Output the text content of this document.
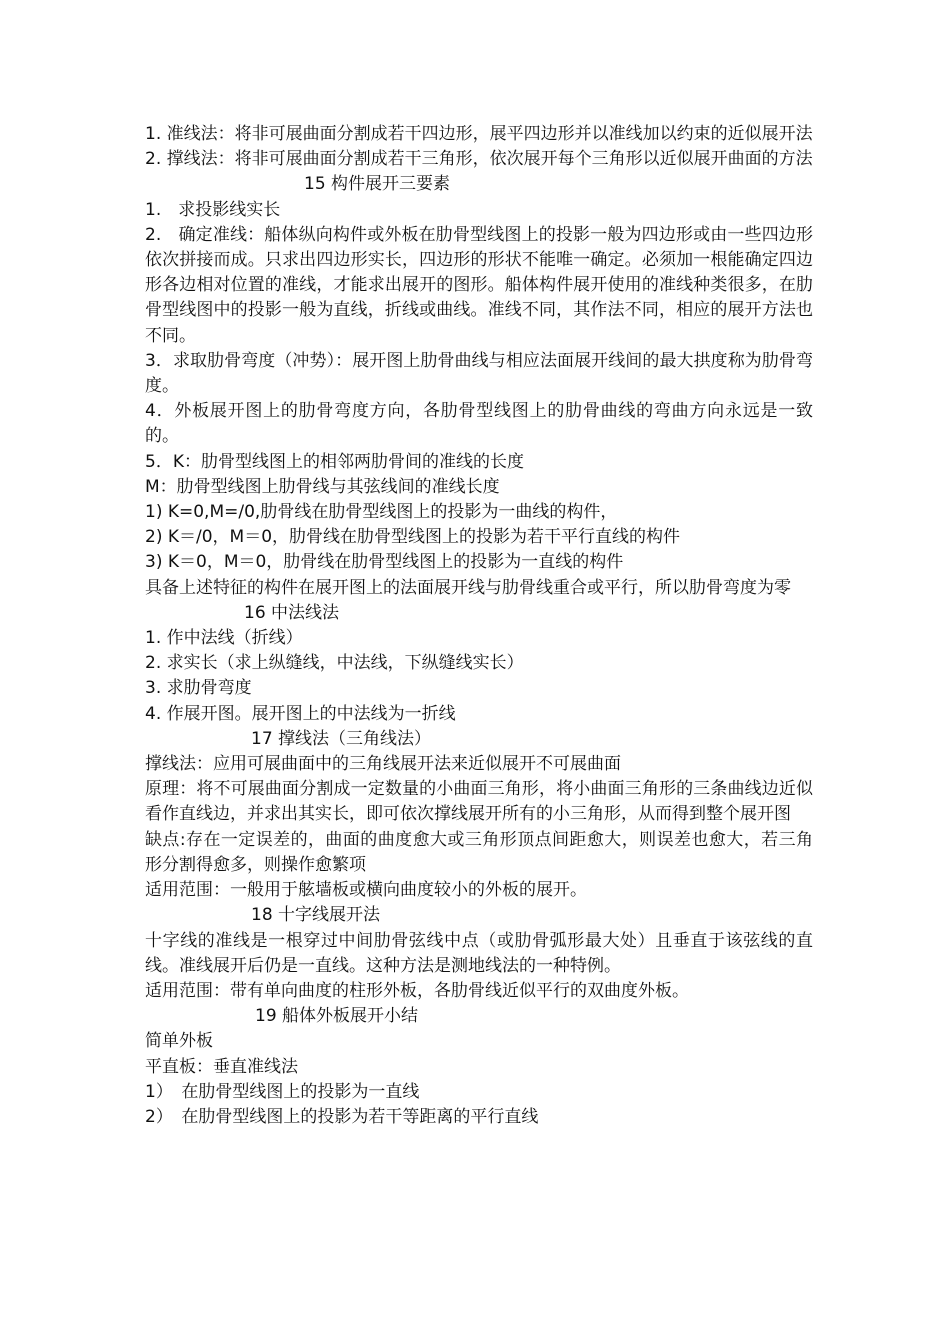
1. 准线法：将非可展曲面分割成若干四边形，展平四边形并以准线加以约束的近似展开法

2. 撑线法：将非可展曲面分割成若干三角形，依次展开每个三角形以近似展开曲面的方法

15 构件展开三要素

1.　求投影线实长

2.　确定准线：船体纵向构件或外板在肋骨型线图上的投影一般为四边形或由一些四边形依次拼接而成。只求出四边形实长，四边形的形状不能唯一确定。必须加一根能确定四边形各边相对位置的准线，才能求出展开的图形。船体构件展开使用的准线种类很多，在肋骨型线图中的投影一般为直线，折线或曲线。准线不同，其作法不同，相应的展开方法也不同。

3．求取肋骨弯度（冲势）：展开图上肋骨曲线与相应法面展开线间的最大拱度称为肋骨弯度。

4．外板展开图上的肋骨弯度方向，各肋骨型线图上的肋骨曲线的弯曲方向永远是一致的。

5．K：肋骨型线图上的相邻两肋骨间的准线的长度

M：肋骨型线图上肋骨线与其弦线间的准线长度

1) K=0,M=/0,肋骨线在肋骨型线图上的投影为一曲线的构件，

2) K＝/0，M＝0，肋骨线在肋骨型线图上的投影为若干平行直线的构件

3) K＝0，M＝0，肋骨线在肋骨型线图上的投影为一直线的构件

具备上述特征的构件在展开图上的法面展开线与肋骨线重合或平行，所以肋骨弯度为零

16 中法线法

1. 作中法线（折线）

2. 求实长（求上纵缝线，中法线，下纵缝线实长）

3. 求肋骨弯度

4. 作展开图。展开图上的中法线为一折线

17 撑线法（三角线法）

撑线法：应用可展曲面中的三角线展开法来近似展开不可展曲面

原理：将不可展曲面分割成一定数量的小曲面三角形，将小曲面三角形的三条曲线边近似看作直线边，并求出其实长，即可依次撑线展开所有的小三角形，从而得到整个展开图

缺点:存在一定误差的，曲面的曲度愈大或三角形顶点间距愈大，则误差也愈大，若三角形分割得愈多，则操作愈繁项

适用范围：一般用于舷墙板或横向曲度较小的外板的展开。

18 十字线展开法

十字线的准线是一根穿过中间肋骨弦线中点（或肋骨弧形最大处）且垂直于该弦线的直线。准线展开后仍是一直线。这种方法是测地线法的一种特例。

适用范围：带有单向曲度的柱形外板，各肋骨线近似平行的双曲度外板。

19 船体外板展开小结

简单外板

平直板：垂直准线法

1）　在肋骨型线图上的投影为一直线

2）　在肋骨型线图上的投影为若干等距离的平行直线
